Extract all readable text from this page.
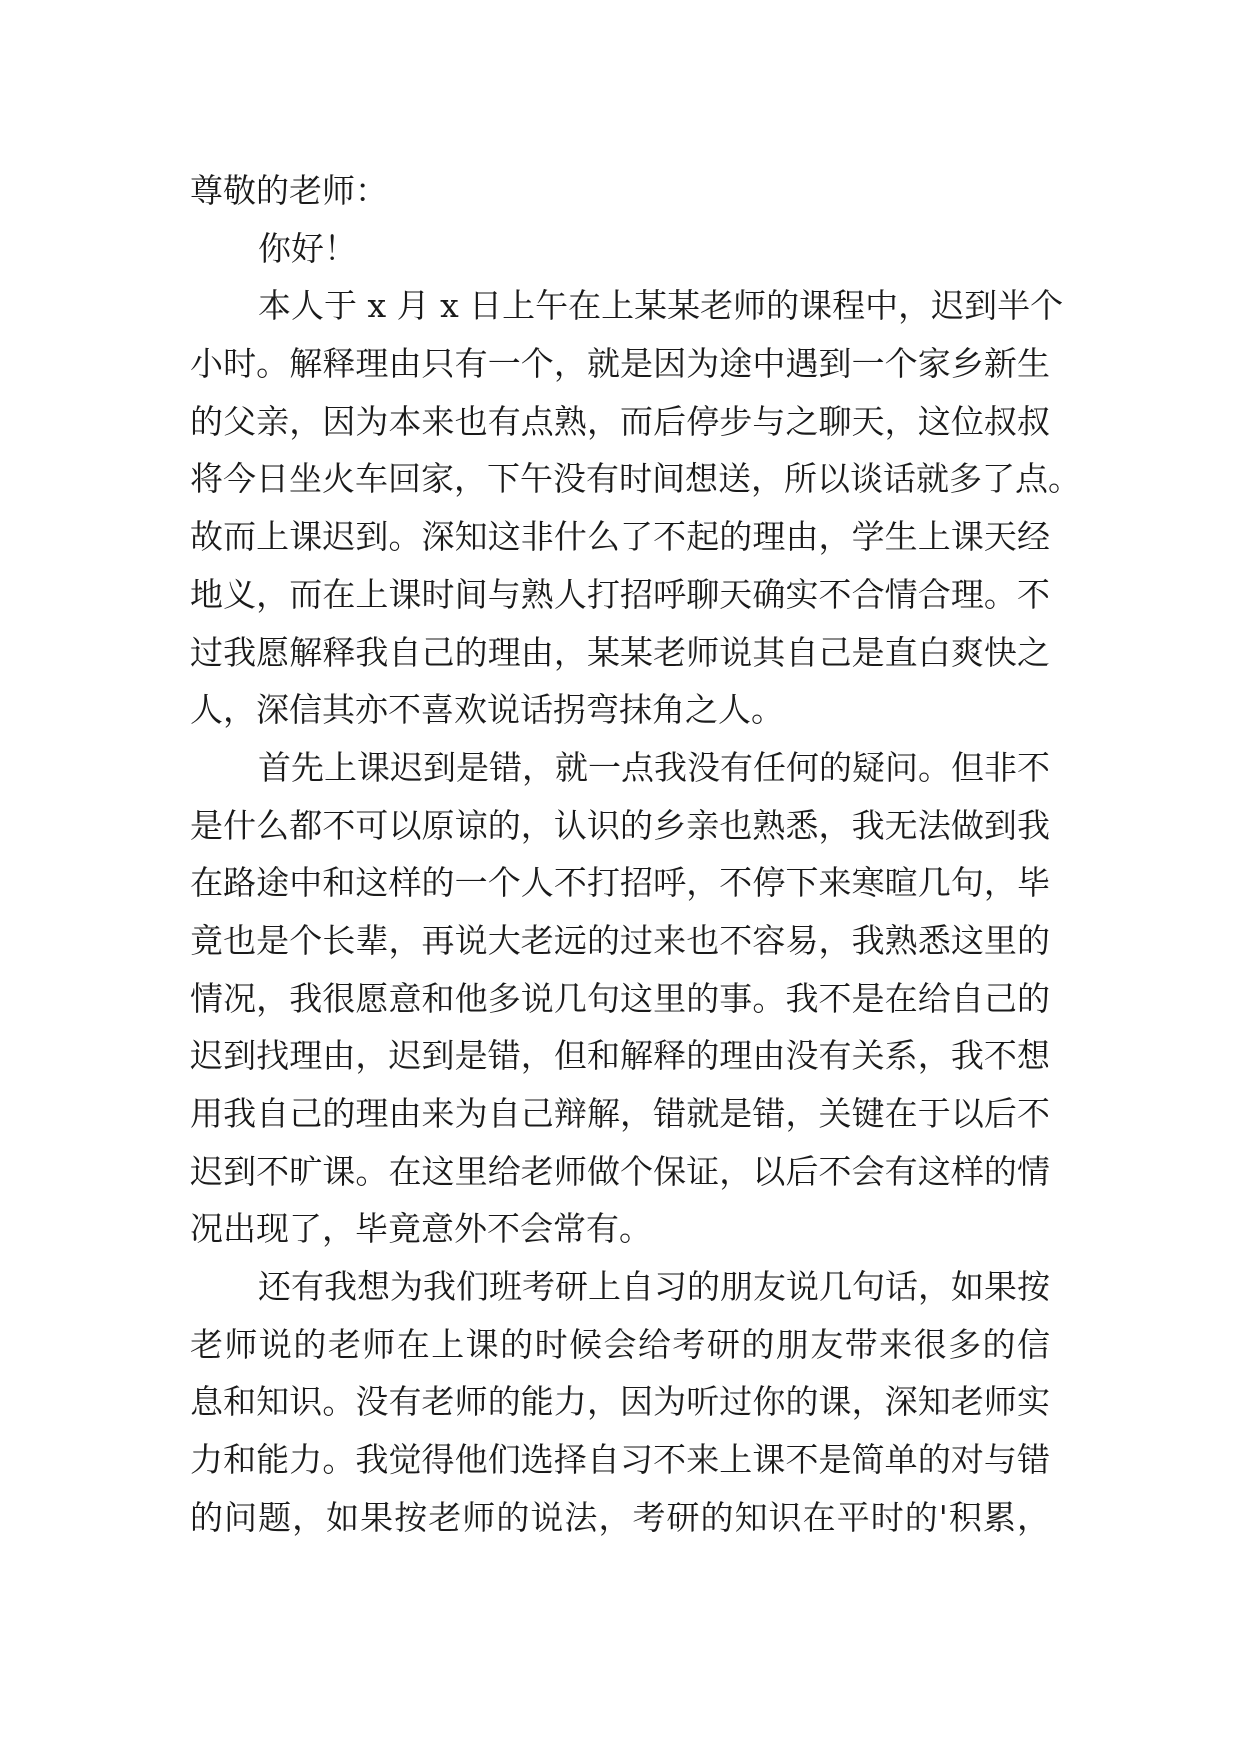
尊敬的老师：
你好！
本人于 x 月 x 日上午在上某某老师的课程中，迟到半个
小时。解释理由只有一个，就是因为途中遇到一个家乡新生
的父亲，因为本来也有点熟，而后停步与之聊天，这位叔叔
将今日坐火车回家，下午没有时间想送，所以谈话就多了点。
故而上课迟到。深知这非什么了不起的理由，学生上课天经
地义，而在上课时间与熟人打招呼聊天确实不合情合理。不
过我愿解释我自己的理由，某某老师说其自己是直白爽快之
人，深信其亦不喜欢说话拐弯抹角之人。
首先上课迟到是错，就一点我没有任何的疑问。但非不
是什么都不可以原谅的，认识的乡亲也熟悉，我无法做到我
在路途中和这样的一个人不打招呼，不停下来寒暄几句，毕
竟也是个长辈，再说大老远的过来也不容易，我熟悉这里的
情况，我很愿意和他多说几句这里的事。我不是在给自己的
迟到找理由，迟到是错，但和解释的理由没有关系，我不想
用我自己的理由来为自己辩解，错就是错，关键在于以后不
迟到不旷课。在这里给老师做个保证，以后不会有这样的情
况出现了，毕竟意外不会常有。
还有我想为我们班考研上自习的朋友说几句话，如果按
老师说的老师在上课的时候会给考研的朋友带来很多的信
息和知识。没有老师的能力，因为听过你的课，深知老师实
力和能力。我觉得他们选择自习不来上课不是简单的对与错
的问题，如果按老师的说法，考研的知识在平时的'积累，
